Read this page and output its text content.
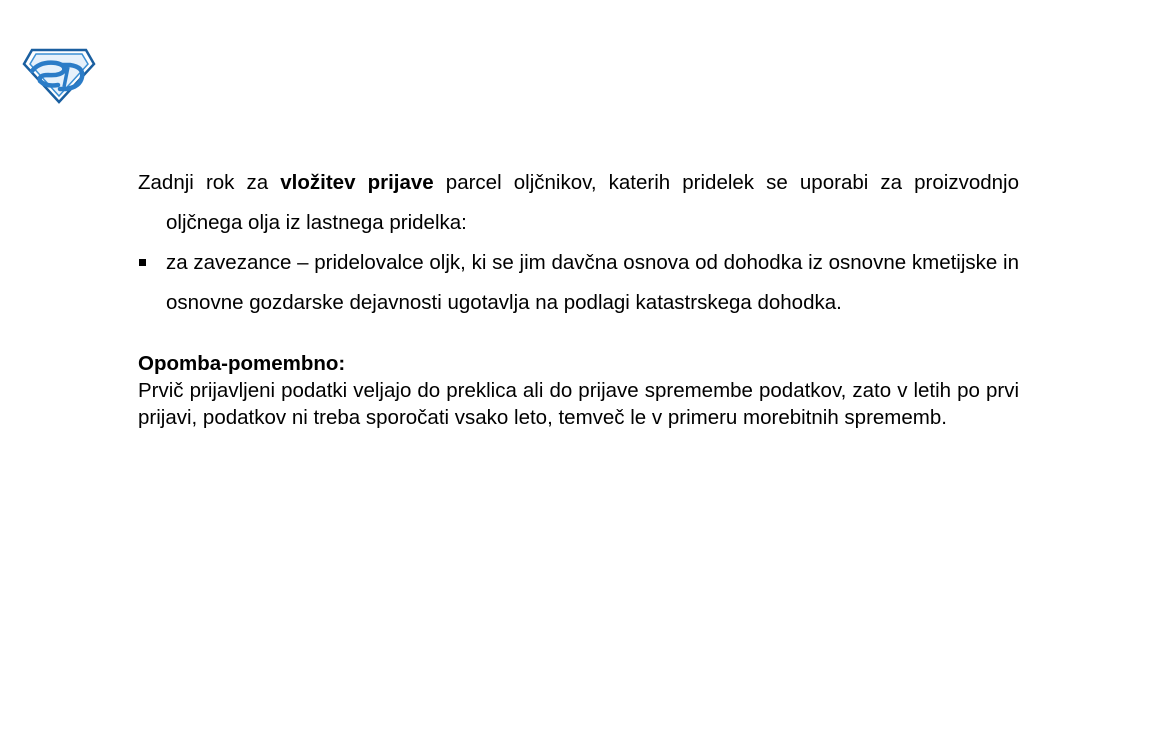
Zadnji rok za vložitev prijave parcel oljčnikov, katerih pridelek se uporabi za proizvodnjo oljčnega olja iz lastnega pridelka:

za zavezance – pridelovalce oljk, ki se jim davčna osnova od dohodka iz osnovne kmetijske in osnovne gozdarske dejavnosti ugotavlja na podlagi katastrskega dohodka.
Opomba-pomembno:
Prvič prijavljeni podatki veljajo do preklica ali do prijave spremembe podatkov, zato v letih po prvi prijavi, podatkov ni treba sporočati vsako leto, temveč le v primeru morebitnih sprememb.
